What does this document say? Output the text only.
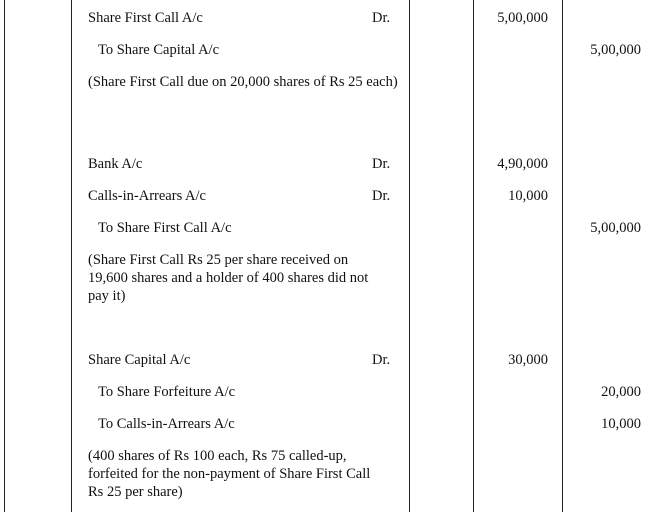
Share First Call A/c	Dr.	5,00,000
To Share Capital A/c	5,00,000
(Share First Call due on 20,000 shares of Rs 25 each)
Bank A/c	Dr.	4,90,000
Calls-in-Arrears A/c	Dr.	10,000
To Share First Call A/c	5,00,000
(Share First Call Rs 25 per share received on 19,600 shares and a holder of 400 shares did not pay it)
Share Capital A/c	Dr.	30,000
To Share Forfeiture A/c	20,000
To Calls-in-Arrears A/c	10,000
(400 shares of Rs 100 each, Rs 75 called-up, forfeited for the non-payment of Share First Call Rs 25 per share)
